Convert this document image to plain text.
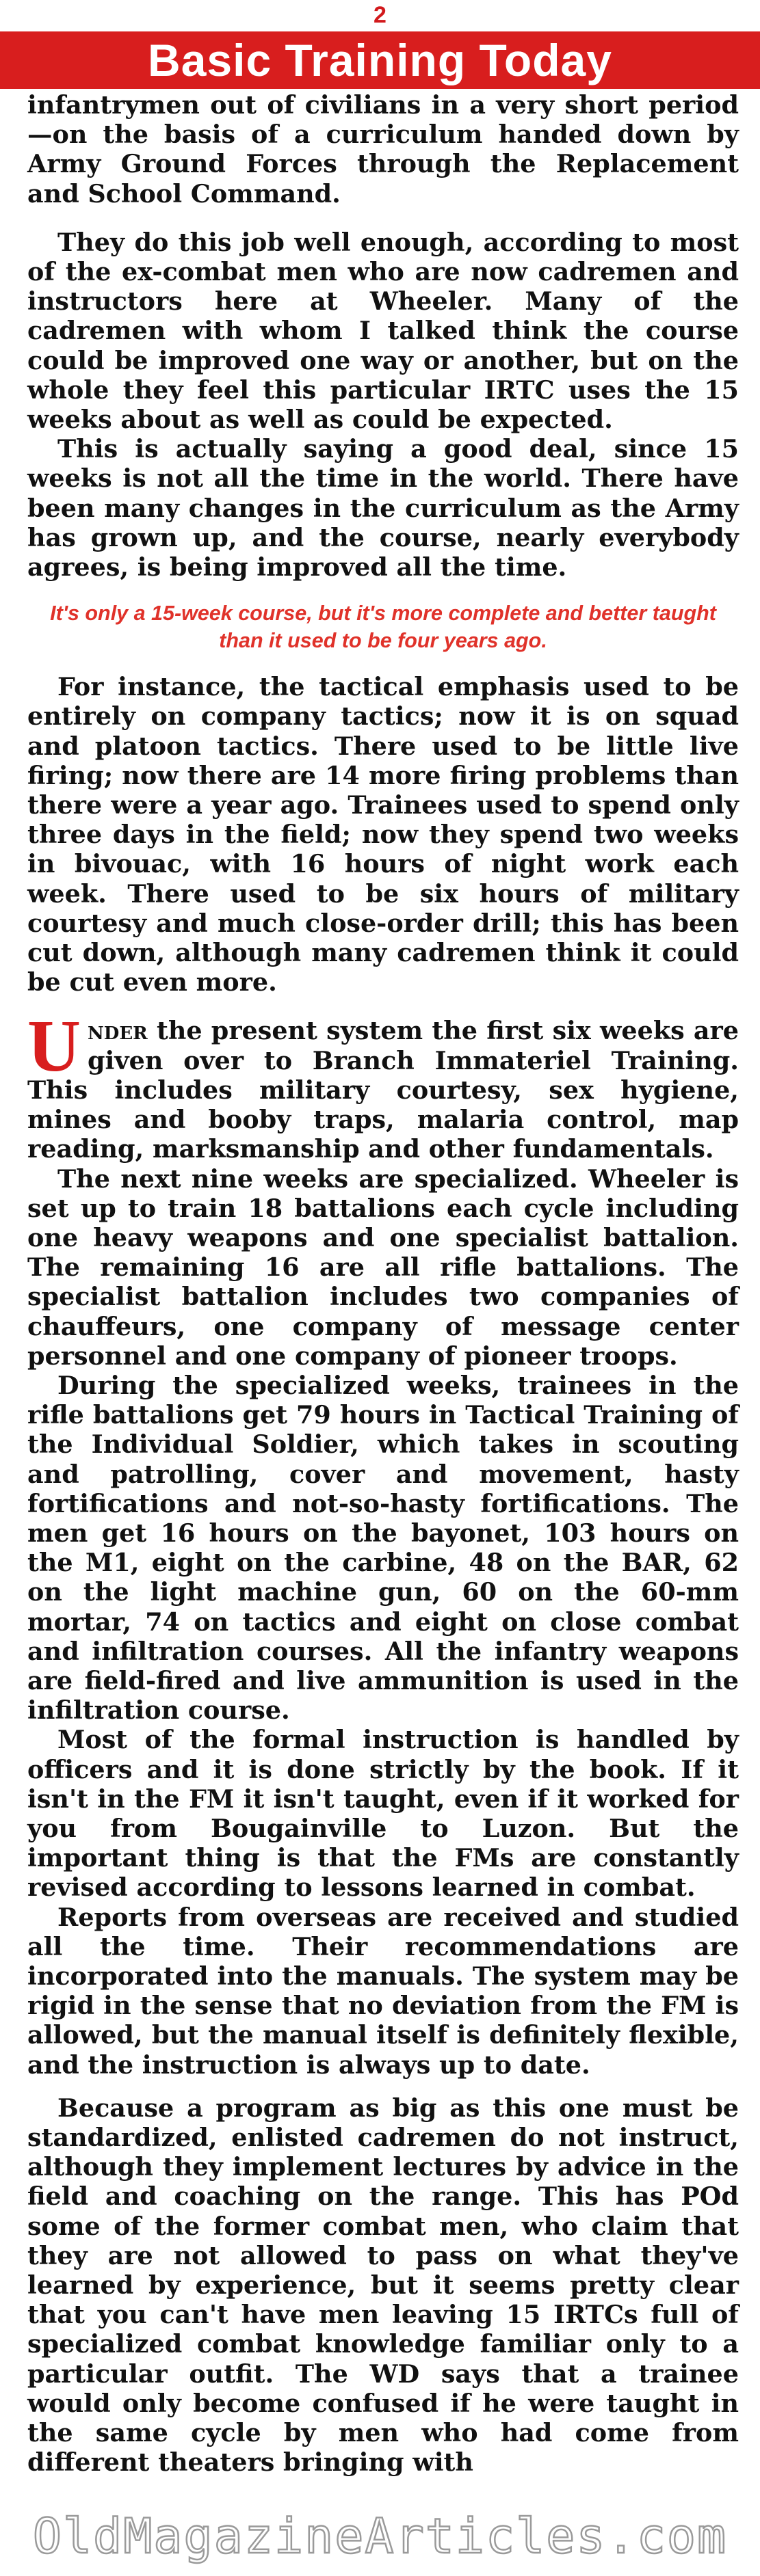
2
Basic Training Today

infantrymen out of civilians in a very short period —on the basis of a curriculum handed down by Army Ground Forces through the Replacement and School Command.

They do this job well enough, according to most of the ex-combat men who are now cadremen and instructors here at Wheeler. Many of the cadremen with whom I talked think the course could be improved one way or another, but on the whole they feel this particular IRTC uses the 15 weeks about as well as could be expected.

This is actually saying a good deal, since 15 weeks is not all the time in the world. There have been many changes in the curriculum as the Army has grown up, and the course, nearly everybody agrees, is being improved all the time.

It's only a 15-week course, but it's more complete and better taught than it used to be four years ago.

For instance, the tactical emphasis used to be entirely on company tactics; now it is on squad and platoon tactics. There used to be little live firing; now there are 14 more firing problems than there were a year ago. Trainees used to spend only three days in the field; now they spend two weeks in bivouac, with 16 hours of night work each week. There used to be six hours of military courtesy and much close-order drill; this has been cut down, although many cadremen think it could be cut even more.

Under the present system the first six weeks are given over to Branch Immateriel Training. This includes military courtesy, sex hygiene, mines and booby traps, malaria control, map reading, marksmanship and other fundamentals.

The next nine weeks are specialized. Wheeler is set up to train 18 battalions each cycle including one heavy weapons and one specialist battalion. The remaining 16 are all rifle battalions. The specialist battalion includes two companies of chauffeurs, one company of message center personnel and one company of pioneer troops.

During the specialized weeks, trainees in the rifle battalions get 79 hours in Tactical Training of the Individual Soldier, which takes in scouting and patrolling, cover and movement, hasty fortifications and not-so-hasty fortifications. The men get 16 hours on the bayonet, 103 hours on the M1, eight on the carbine, 48 on the BAR, 62 on the light machine gun, 60 on the 60-mm mortar, 74 on tactics and eight on close combat and infiltration courses. All the infantry weapons are field-fired and live ammunition is used in the infiltration course.

Most of the formal instruction is handled by officers and it is done strictly by the book. If it isn't in the FM it isn't taught, even if it worked for you from Bougainville to Luzon. But the important thing is that the FMs are constantly revised according to lessons learned in combat.

Reports from overseas are received and studied all the time. Their recommendations are incorporated into the manuals. The system may be rigid in the sense that no deviation from the FM is allowed, but the manual itself is definitely flexible, and the instruction is always up to date.

Because a program as big as this one must be standardized, enlisted cadremen do not instruct, although they implement lectures by advice in the field and coaching on the range. This has POd some of the former combat men, who claim that they are not allowed to pass on what they've learned by experience, but it seems pretty clear that you can't have men leaving 15 IRTCs full of specialized combat knowledge familiar only to a particular outfit. The WD says that a trainee would only become confused if he were taught in the same cycle by men who had come from different theaters bringing with

OldMagazineArticles.com
